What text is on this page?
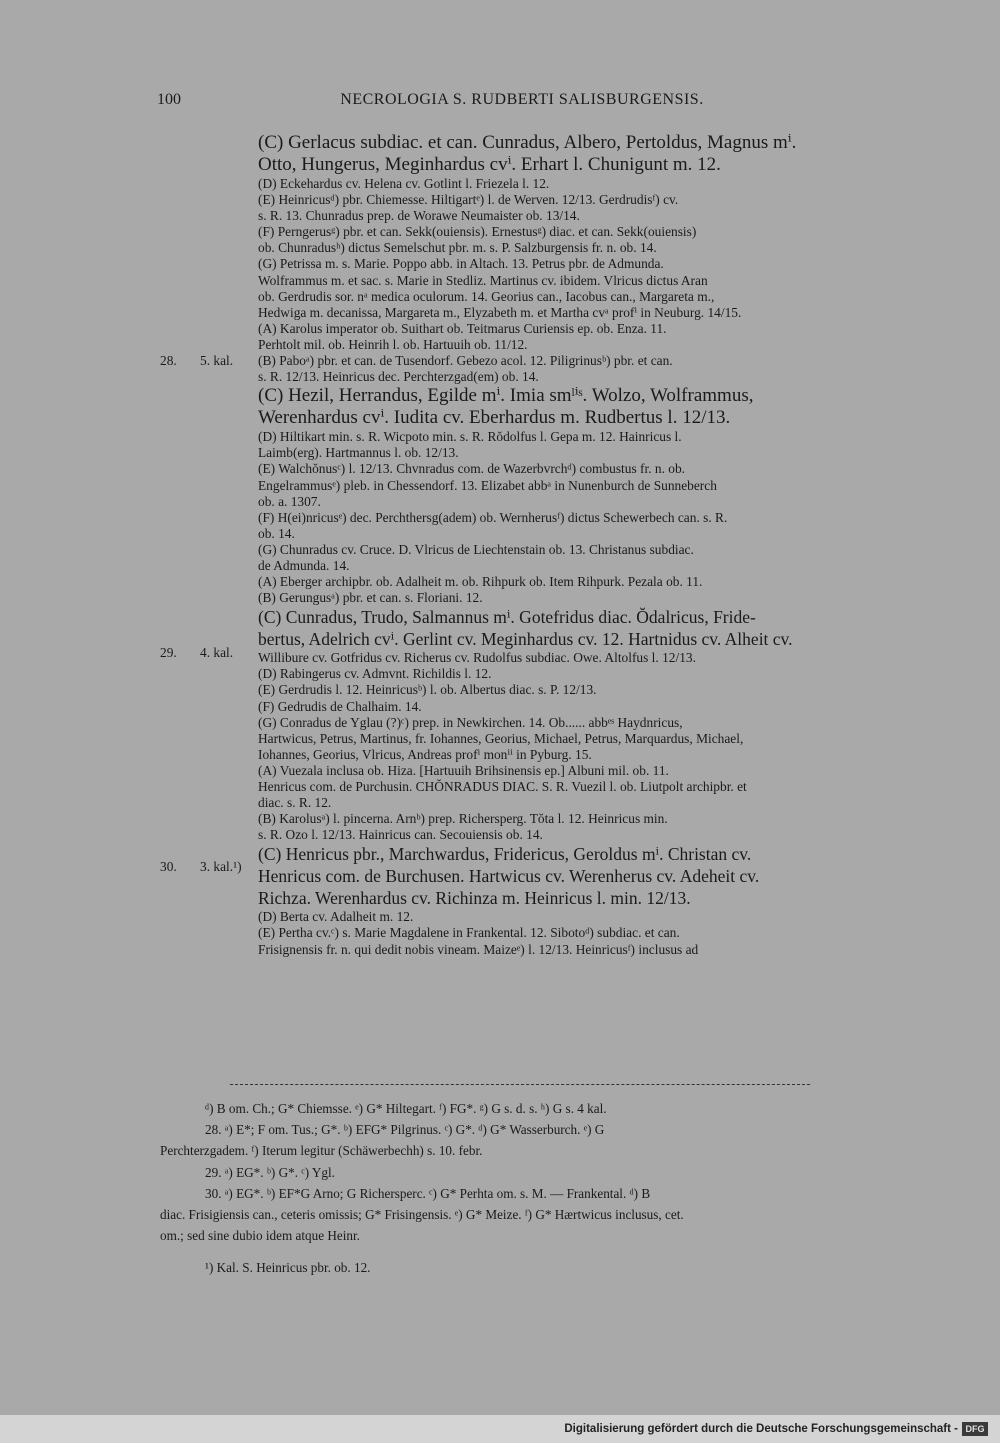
100	NECROLOGIA S. RUDBERTI SALISBURGENSIS.
28. 5. kal.
29. 4. kal.
30. 3. kal.¹)
(C) Gerlacus subdiac. et can. Cunradus, Albero, Pertoldus, Magnus mⁱ.
Otto, Hungerus, Meginhardus cvⁱ. Erhart l. Chunigunt m. 12.
(D) Eckehardus cv. Helena cv. Gotlint l. Friezela l. 12.
(E) Heinricusᵈ) pbr. Chiemesse. Hiltigartᵉ) l. de Werven. 12/13. Gerdrudisᶠ) cv.
s. R. 13. Chunradus prep. de Worawe Neumaister ob. 13/14.
(F) Perngerusᵍ) pbr. et can. Sekk(ouiensis). Ernestusᵍ) diac. et can. Sekk(ouiensis)
ob. Chunradusʰ) dictus Semelschut pbr. m. s. P. Salzburgensis fr. n. ob. 14.
(G) Petrissa m. s. Marie. Poppo abb. in Altach. 13. Petrus pbr. de Admunda.
Wolframmus m. et sac. s. Marie in Stedliz. Martinus cv. ibidem. Vlricus dictus Aran
ob. Gerdrudis sor. nᵃ medica oculorum. 14. Georius can., Iacobus can., Margareta m.,
Hedwiga m. decanissa, Margareta m., Elyzabeth m. et Martha cvᵃ profⁱ in Neuburg. 14/15.
(A) Karolus imperator ob. Suithart ob. Teitmarus Curiensis ep. ob. Enza. 11.
Perhtolt mil. ob. Heinrih l. ob. Hartuuih ob. 11/12.
(B) Paboᵃ) pbr. et can. de Tusendorf. Gebezo acol. 12. Piligrinusᵇ) pbr. et can.
s. R. 12/13. Heinricus dec. Perchterzgad(em) ob. 14.
(C) Hezil, Herrandus, Egilde mⁱ. Imia smˡⁱˢ. Wolzo, Wolframmus,
Werenhardus cvⁱ. Iudita cv. Eberhardus m. Rudbertus l. 12/13.
(D) Hiltikart min. s. R. Wicpoto min. s. R. Rŏdolfus l. Gepa m. 12. Hainricus l.
Laimb(erg). Hartmannus l. ob. 12/13.
(E) Walchŏnusᶜ) l. 12/13. Chvnradus com. de Wazerbvrchᵈ) combustus fr. n. ob.
Engelrammusᵉ) pleb. in Chessendorf. 13. Elizabet abbᵃ in Nunenburch de Sunneberch
ob. a. 1307.
(F) H(ei)nricusᵉ) dec. Perchthersg(adem) ob. Wernherusᶠ) dictus Schewerbech can. s. R.
ob. 14.
(G) Chunradus cv. Cruce. D. Vlricus de Liechtenstain ob. 13. Christanus subdiac.
de Admunda. 14.
(A) Eberger archipbr. ob. Adalheit m. ob. Rihpurk ob. Item Rihpurk. Pezala ob. 11.
(B) Gerungusᵃ) pbr. et can. s. Floriani. 12.
(C) Cunradus, Trudo, Salmannus mⁱ. Gotefridus diac. Ŏdalricus, Fride-
bertus, Adelrich cvⁱ. Gerlint cv. Meginhardus cv. 12. Hartnidus cv. Alheit cv.
Willibure cv. Gotfridus cv. Richerus cv. Rudolfus subdiac. Owe. Altolfus l. 12/13.
(D) Rabingerus cv. Admvnt. Richildis l. 12.
(E) Gerdrudis l. 12. Heinricusᵇ) l. ob. Albertus diac. s. P. 12/13.
(F) Gedrudis de Chalhaim. 14.
(G) Conradus de Yglau (?)ᶜ) prep. in Newkirchen. 14. Ob...... abbᵉˢ Haydnricus,
Hartwicus, Petrus, Martinus, fr. Iohannes, Georius, Michael, Petrus, Marquardus, Michael,
Iohannes, Georius, Vlricus, Andreas profⁱ monⁱⁱ in Pyburg. 15.
(A) Vuezala inclusa ob. Hiza. [Hartuuih Brihsinensis ep.] Albuni mil. ob. 11.
Henricus com. de Purchusin. CHŎNRADUS DIAC. S. R. Vuezil l. ob. Liutpolt archipbr. et
diac. s. R. 12.
(B) Karolusᵃ) l. pincerna. Arnᵇ) prep. Richersperg. Tŏta l. 12. Heinricus min.
s. R. Ozo l. 12/13. Hainricus can. Secouiensis ob. 14.
(C) Henricus pbr., Marchwardus, Fridericus, Geroldus mⁱ. Christan cv.
Henricus com. de Burchusen. Hartwicus cv. Werenherus cv. Adeheit cv.
Richza. Werenhardus cv. Richinza m. Heinricus l. min. 12/13.
(D) Berta cv. Adalheit m. 12.
(E) Pertha cv.ᶜ) s. Marie Magdalene in Frankental. 12. Sibotoᵈ) subdiac. et can.
Frisignensis fr. n. qui dedit nobis vineam. Maizeᵉ) l. 12/13. Heinricusᶠ) inclusus ad
ᵈ) B om. Ch.; G* Chiemsse. ᵉ) G* Hiltegart. ᶠ) FG*. ᵍ) G s. d. s. ʰ) G s. 4 kal.
28. ᵃ) E*; F om. Tus.; G*. ᵇ) EFG* Pilgrinus. ᶜ) G*. ᵈ) G* Wasserburch. ᵉ) G
Perchterzgadem. ᶠ) Iterum legitur (Schäwerbechh) s. 10. febr.
29. ᵃ) EG*. ᵇ) G*. ᶜ) Ygl.
30. ᵃ) EG*. ᵇ) EF*G Arno; G Richersperc. ᶜ) G* Perhta om. s. M. — Frankental. ᵈ) B
diac. Frisigiensis can., ceteris omissis; G* Frisingensis. ᵉ) G* Meize. ᶠ) G* Hærtwicus inclusus, cet.
om.; sed sine dubio idem atque Heinr.
¹) Kal. S. Heinricus pbr. ob. 12.
Digitalisierung gefördert durch die Deutsche Forschungsgemeinschaft - DFG
